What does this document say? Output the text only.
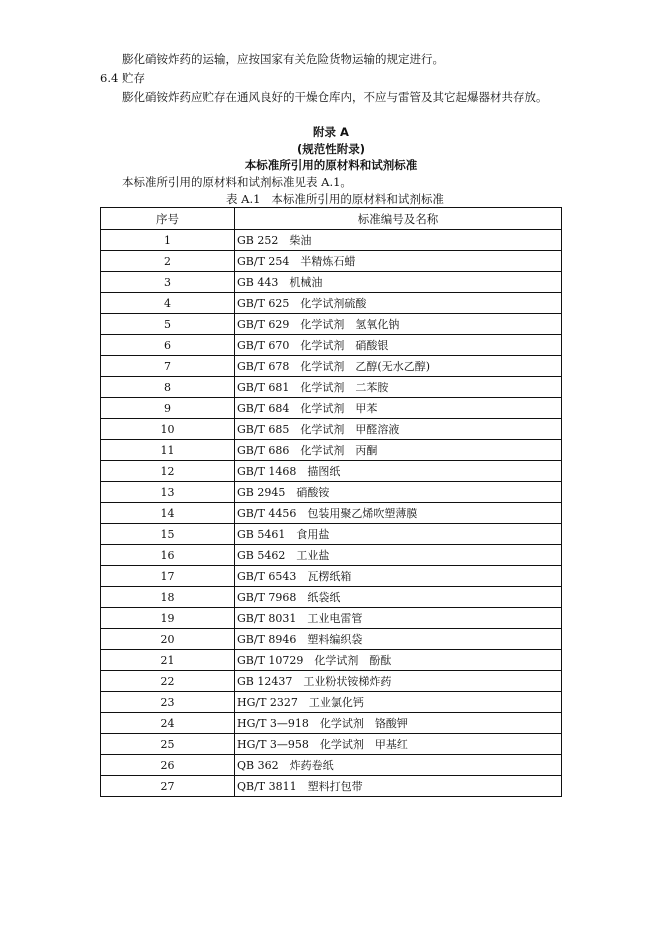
膨化硝铵炸药的运输，应按国家有关危险货物运输的规定进行。
6.4 贮存
膨化硝铵炸药应贮存在通风良好的干燥仓库内，不应与雷管及其它起爆器材共存放。
附录 A
(规范性附录)
本标准所引用的原材料和试剂标准
本标准所引用的原材料和试剂标准见表 A.1。
表 A.1 本标准所引用的原材料和试剂标准
序号	标准编号及名称
1	GB 252　柴油
2	GB/T 254　半精炼石蜡
3	GB 443　机械油
4	GB/T 625　化学试剂硫酸
5	GB/T 629　化学试剂　氢氧化钠
6	GB/T 670　化学试剂　硝酸银
7	GB/T 678　化学试剂　乙醇(无水乙醇)
8	GB/T 681　化学试剂　二苯胺
9	GB/T 684　化学试剂　甲苯
10	GB/T 685　化学试剂　甲醛溶液
11	GB/T 686　化学试剂　丙酮
12	GB/T 1468　描图纸
13	GB 2945　硝酸铵
14	GB/T 4456　包装用聚乙烯吹塑薄膜
15	GB 5461　食用盐
16	GB 5462　工业盐
17	GB/T 6543　瓦楞纸箱
18	GB/T 7968　纸袋纸
19	GB/T 8031　工业电雷管
20	GB/T 8946　塑料编织袋
21	GB/T 10729　化学试剂　酚酞
22	GB 12437　工业粉状铵梯炸药
23	HG/T 2327　工业氯化钙
24	HG/T 3—918　化学试剂　铬酸钾
25	HG/T 3—958　化学试剂　甲基红
26	QB 362　炸药卷纸
27	QB/T 3811　塑料打包带
